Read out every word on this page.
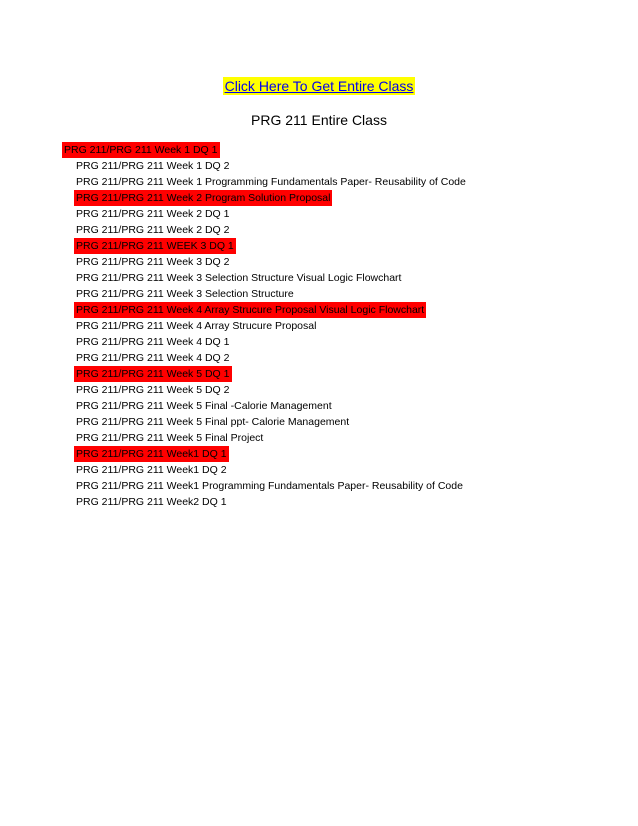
Click Here To Get Entire Class
PRG 211 Entire Class
PRG 211/PRG 211 Week 1 DQ 1
PRG 211/PRG 211 Week 1 DQ 2
PRG 211/PRG 211 Week 1 Programming Fundamentals Paper- Reusability of Code
PRG 211/PRG 211 Week 2 Program Solution Proposal
PRG 211/PRG 211 Week 2 DQ 1
PRG 211/PRG 211 Week 2 DQ 2
PRG 211/PRG 211 WEEK 3 DQ 1
PRG 211/PRG 211 Week 3 DQ 2
PRG 211/PRG 211 Week 3 Selection Structure Visual Logic Flowchart
PRG 211/PRG 211 Week 3 Selection Structure
PRG 211/PRG 211 Week 4 Array Strucure Proposal Visual Logic Flowchart
PRG 211/PRG 211 Week 4 Array Strucure Proposal
PRG 211/PRG 211 Week 4 DQ 1
PRG 211/PRG 211 Week 4 DQ 2
PRG 211/PRG 211 Week 5 DQ 1
PRG 211/PRG 211 Week 5 DQ 2
PRG 211/PRG 211 Week 5 Final -Calorie Management
PRG 211/PRG 211 Week 5 Final ppt- Calorie Management
PRG 211/PRG 211 Week 5 Final Project
PRG 211/PRG 211 Week1 DQ 1
PRG 211/PRG 211 Week1 DQ 2
PRG 211/PRG 211 Week1 Programming Fundamentals Paper- Reusability of Code
PRG 211/PRG 211 Week2 DQ 1
